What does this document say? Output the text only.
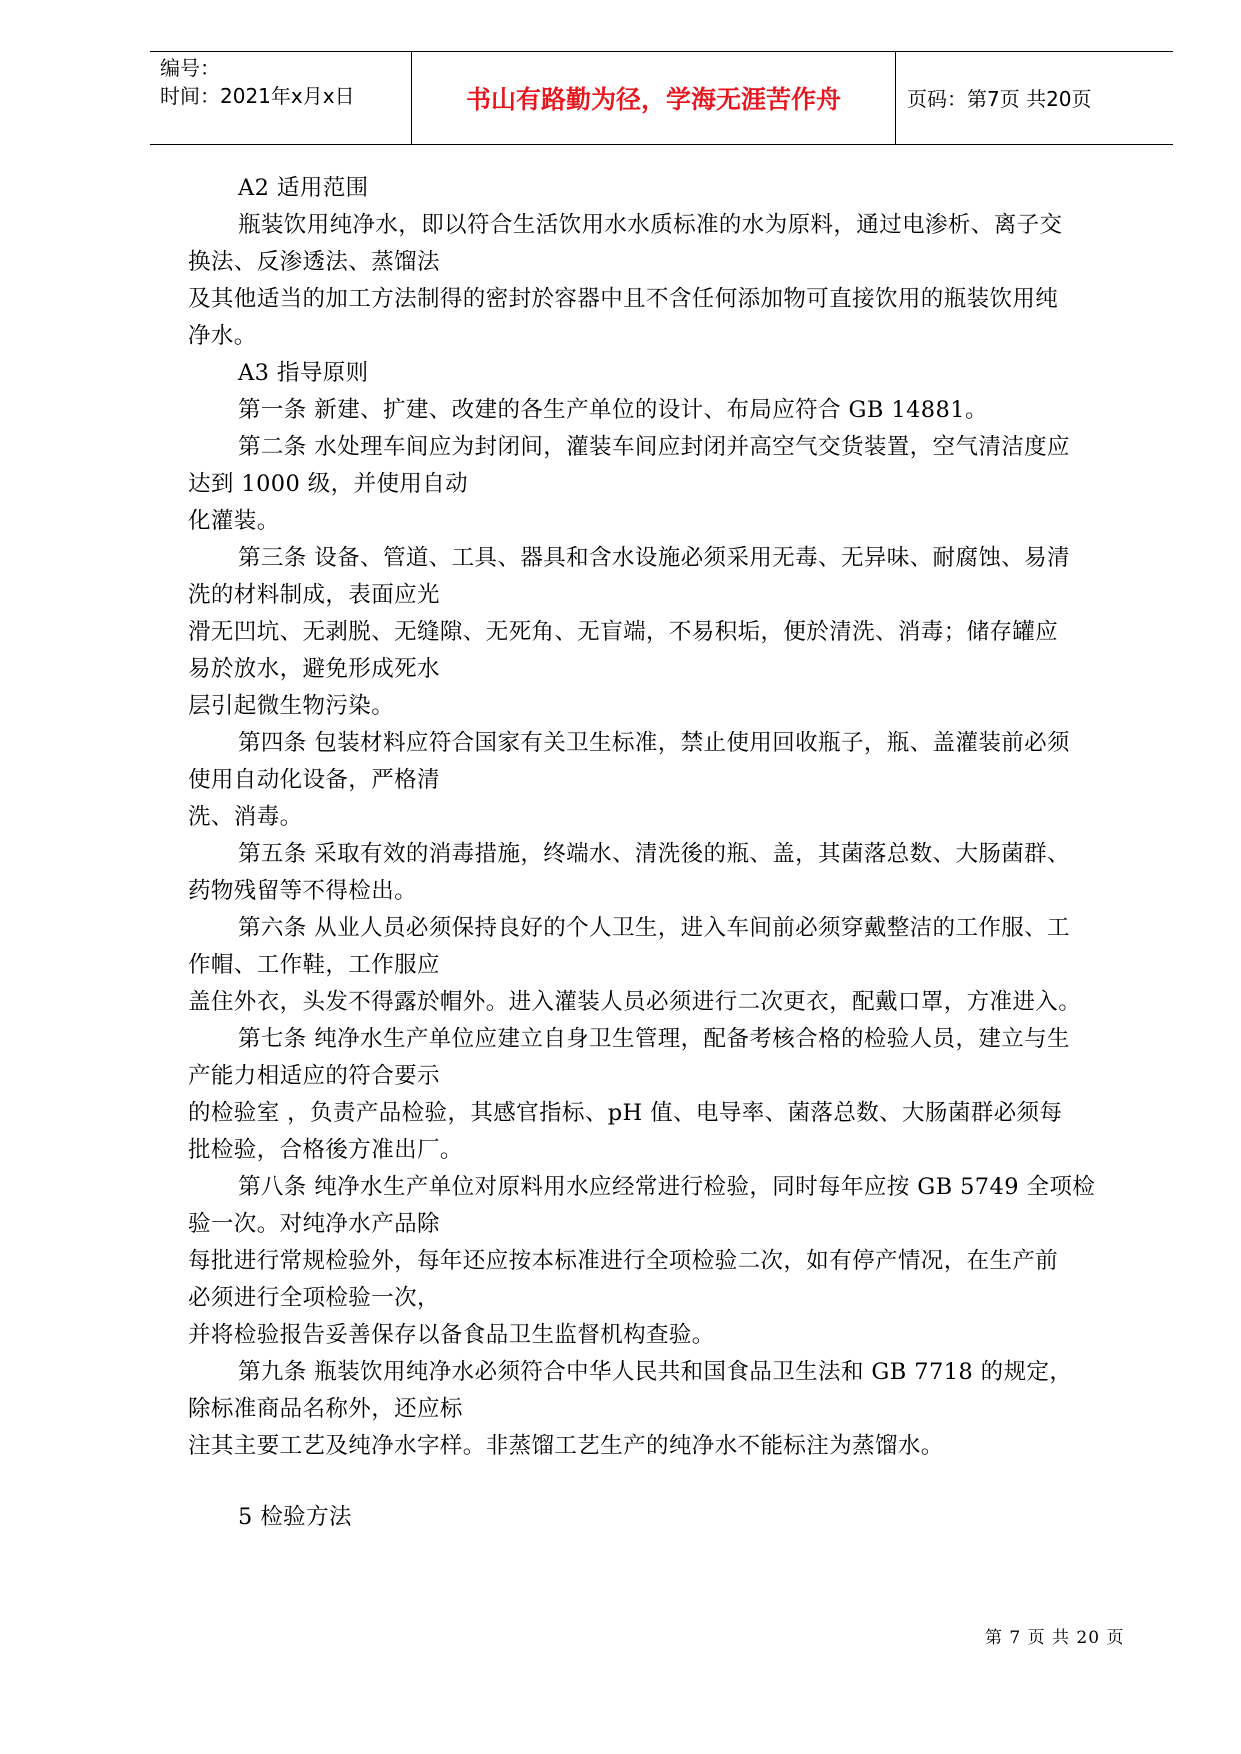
编号：
时间：2021年x月x日	书山有路勤为径，学海无涯苦作舟	页码：第7页 共20页

A2 适用范围

瓶装饮用纯净水，即以符合生活饮用水水质标准的水为原料，通过电渗析、离子交

换法、反渗透法、蒸馏法

及其他适当的加工方法制得的密封於容器中且不含任何添加物可直接饮用的瓶装饮用纯

净水。

A3 指导原则

第一条 新建、扩建、改建的各生产单位的设计、布局应符合 GB 14881。

第二条 水处理车间应为封闭间，灌装车间应封闭并高空气交货装置，空气清洁度应

达到 1000 级，并使用自动

化灌装。

第三条 设备、管道、工具、器具和含水设施必须采用无毒、无异味、耐腐蚀、易清

洗的材料制成，表面应光

滑无凹坑、无剥脱、无缝隙、无死角、无盲端，不易积垢，便於清洗、消毒；储存罐应

易於放水，避免形成死水

层引起微生物污染。

第四条 包装材料应符合国家有关卫生标准，禁止使用回收瓶子，瓶、盖灌装前必须

使用自动化设备，严格清

洗、消毒。

第五条 采取有效的消毒措施，终端水、清洗後的瓶、盖，其菌落总数、大肠菌群、

药物残留等不得检出。

第六条 从业人员必须保持良好的个人卫生，进入车间前必须穿戴整洁的工作服、工

作帽、工作鞋，工作服应

盖住外衣，头发不得露於帽外。进入灌装人员必须进行二次更衣，配戴口罩，方准进入。

第七条 纯净水生产单位应建立自身卫生管理，配备考核合格的检验人员，建立与生

产能力相适应的符合要示

的检验室 ，负责产品检验，其感官指标、pH 值、电导率、菌落总数、大肠菌群必须每

批检验，合格後方准出厂。

第八条 纯净水生产单位对原料用水应经常进行检验，同时每年应按 GB 5749 全项检

验一次。对纯净水产品除

每批进行常规检验外，每年还应按本标准进行全项检验二次，如有停产情况，在生产前

必须进行全项检验一次，

并将检验报告妥善保存以备食品卫生监督机构查验。

第九条 瓶装饮用纯净水必须符合中华人民共和国食品卫生法和 GB 7718 的规定，

除标准商品名称外，还应标

注其主要工艺及纯净水字样。非蒸馏工艺生产的纯净水不能标注为蒸馏水。

5 检验方法

第 7 页 共 20 页
